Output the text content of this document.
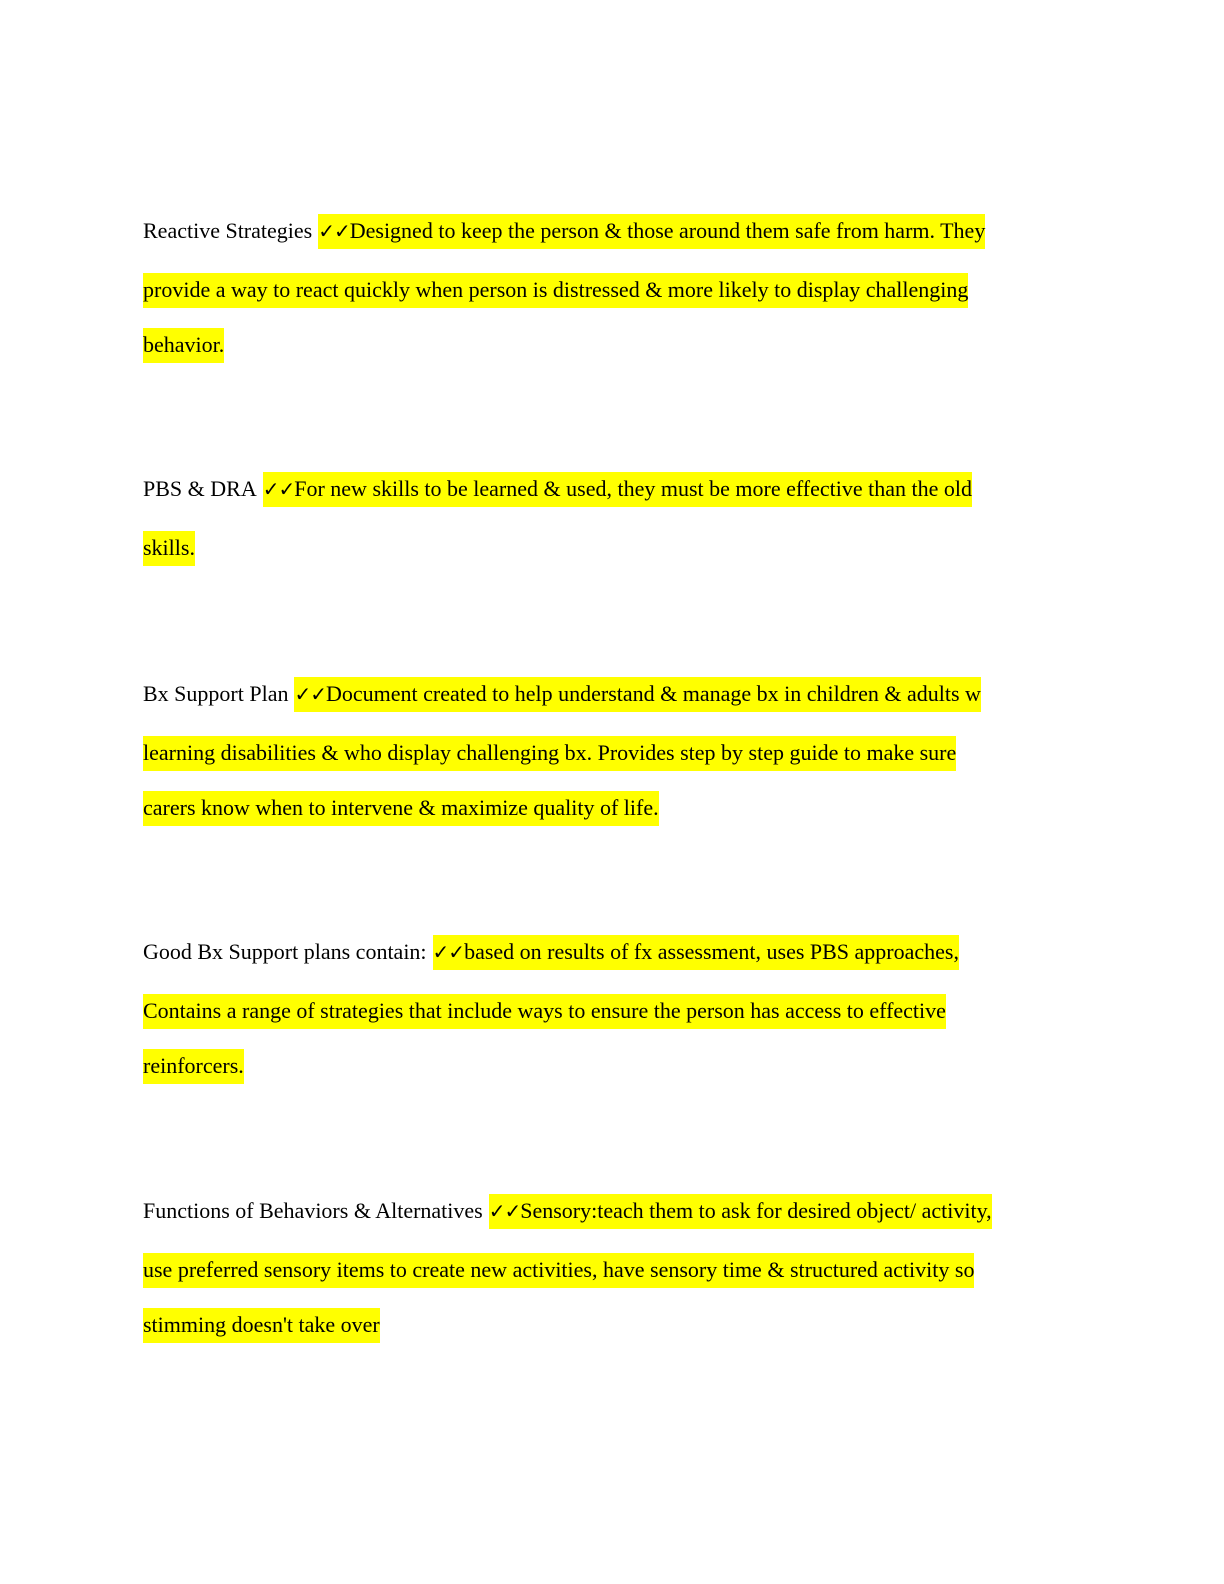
Reactive Strategies ✓✓Designed to keep the person & those around them safe from harm. They
provide a way to react quickly when person is distressed & more likely to display challenging
behavior.
PBS & DRA ✓✓For new skills to be learned & used, they must be more effective than the old
skills.
Bx Support Plan ✓✓Document created to help understand & manage bx in children & adults w
learning disabilities & who display challenging bx. Provides step by step guide to make sure
carers know when to intervene & maximize quality of life.
Good Bx Support plans contain: ✓✓based on results of fx assessment, uses PBS approaches,
Contains a range of strategies that include ways to ensure the person has access to effective
reinforcers.
Functions of Behaviors & Alternatives ✓✓Sensory:teach them to ask for desired object/ activity,
use preferred sensory items to create new activities, have sensory time & structured activity so
stimming doesn't take over
